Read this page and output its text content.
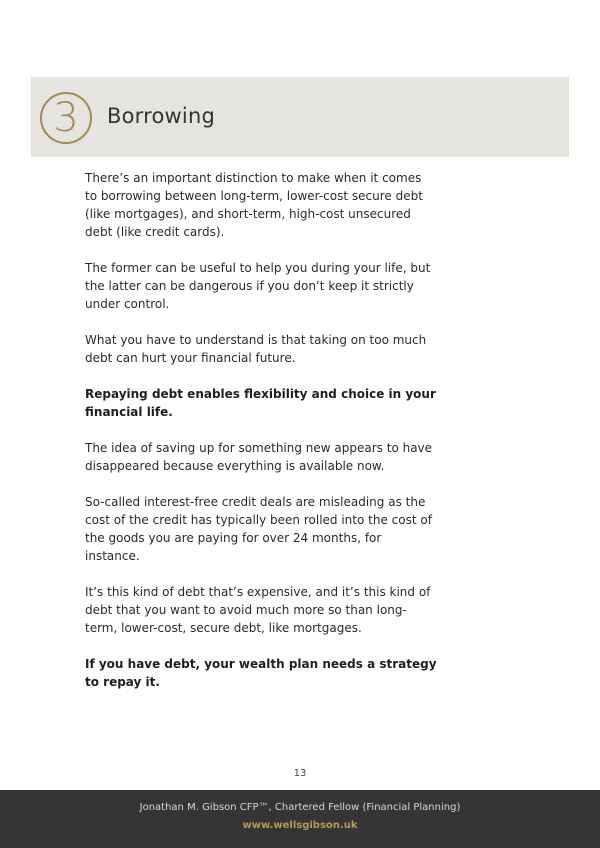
3 Borrowing

There’s an important distinction to make when it comes to borrowing between long-term, lower-cost secure debt (like mortgages), and short-term, high-cost unsecured debt (like credit cards).

The former can be useful to help you during your life, but the latter can be dangerous if you don’t keep it strictly under control.

What you have to understand is that taking on too much debt can hurt your financial future.

Repaying debt enables flexibility and choice in your financial life.

The idea of saving up for something new appears to have disappeared because everything is available now.

So-called interest-free credit deals are misleading as the cost of the credit has typically been rolled into the cost of the goods you are paying for over 24 months, for instance.

It’s this kind of debt that’s expensive, and it’s this kind of debt that you want to avoid much more so than long-term, lower-cost, secure debt, like mortgages.

If you have debt, your wealth plan needs a strategy to repay it.

13
Jonathan M. Gibson CFP™, Chartered Fellow (Financial Planning)
www.wellsgibson.uk
